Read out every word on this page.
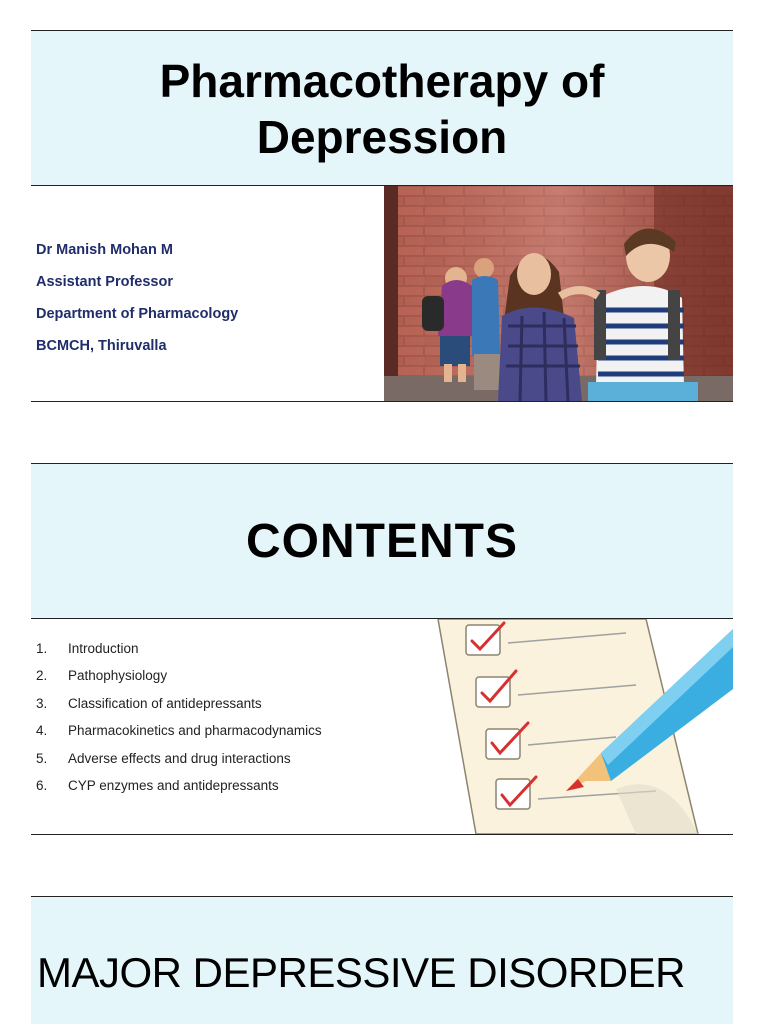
Pharmacotherapy of
Depression
Dr Manish Mohan M
Assistant Professor
Department of Pharmacology
BCMCH, Thiruvalla
CONTENTS
1. Introduction
2. Pathophysiology
3. Classification of antidepressants
4. Pharmacokinetics and pharmacodynamics
5. Adverse effects and drug interactions
6. CYP enzymes and antidepressants
MAJOR DEPRESSIVE DISORDER
